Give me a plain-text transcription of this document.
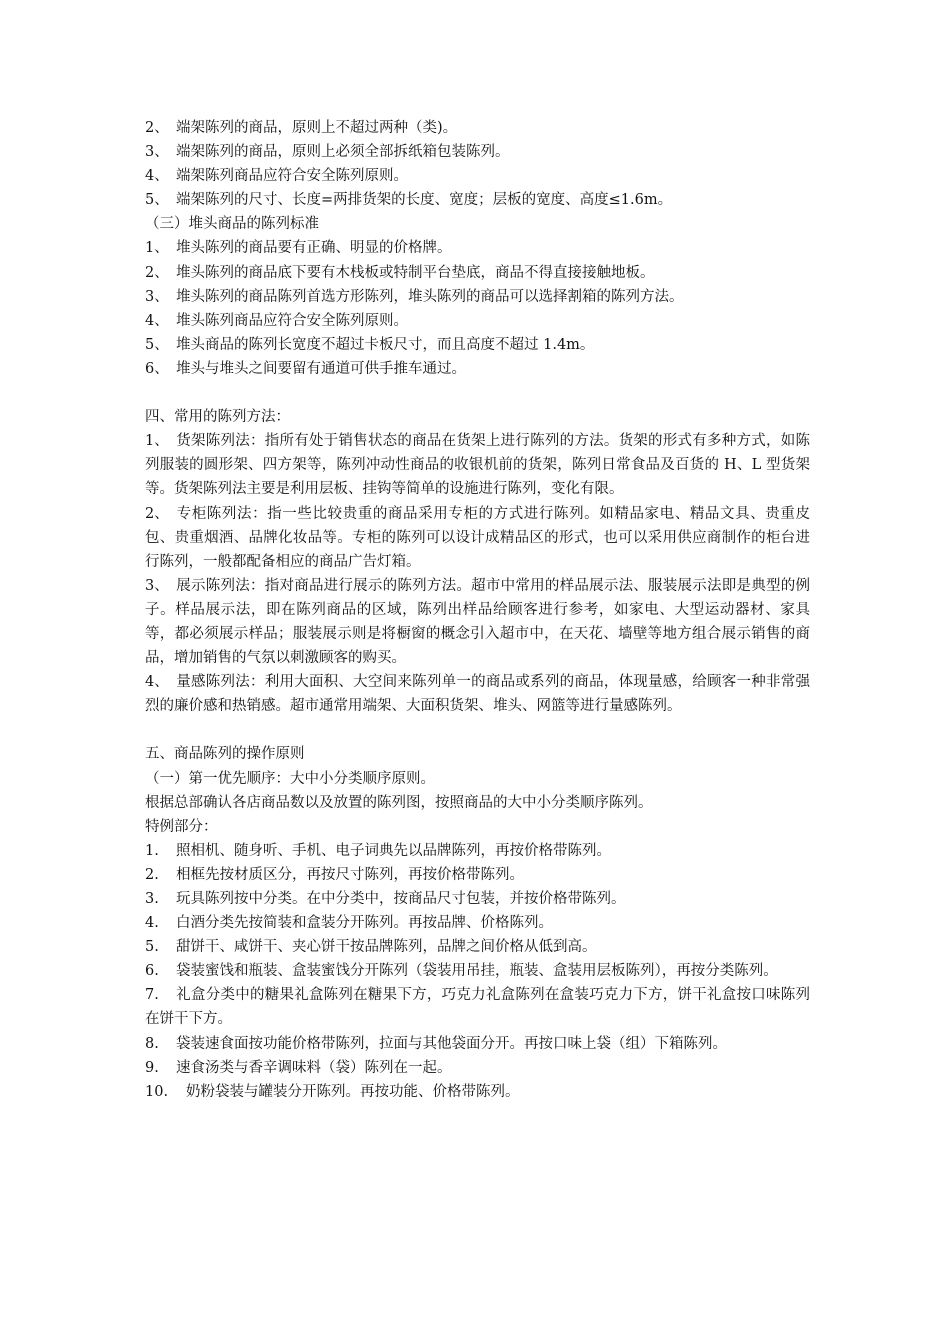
2、 端架陈列的商品，原则上不超过两种（类)。
3、 端架陈列的商品，原则上必须全部拆纸箱包装陈列。
4、 端架陈列商品应符合安全陈列原则。
5、 端架陈列的尺寸、长度=两排货架的长度、宽度；层板的宽度、高度≤1.6m。
（三）堆头商品的陈列标准
1、 堆头陈列的商品要有正确、明显的价格牌。
2、 堆头陈列的商品底下要有木栈板或特制平台垫底，商品不得直接接触地板。
3、 堆头陈列的商品陈列首选方形陈列，堆头陈列的商品可以选择割箱的陈列方法。
4、 堆头陈列商品应符合安全陈列原则。
5、 堆头商品的陈列长宽度不超过卡板尺寸，而且高度不超过 1.4m。
6、 堆头与堆头之间要留有通道可供手推车通过。
四、常用的陈列方法：
1、 货架陈列法：指所有处于销售状态的商品在货架上进行陈列的方法。货架的形式有多种方式，如陈列服装的圆形架、四方架等，陈列冲动性商品的收银机前的货架，陈列日常食品及百货的 H、L 型货架等。货架陈列法主要是利用层板、挂钩等简单的设施进行陈列，变化有限。
2、 专柜陈列法：指一些比较贵重的商品采用专柜的方式进行陈列。如精品家电、精品文具、贵重皮包、贵重烟酒、品牌化妆品等。专柜的陈列可以设计成精品区的形式，也可以采用供应商制作的柜台进行陈列，一般都配备相应的商品广告灯箱。
3、 展示陈列法：指对商品进行展示的陈列方法。超市中常用的样品展示法、服装展示法即是典型的例子。样品展示法，即在陈列商品的区域，陈列出样品给顾客进行参考，如家电、大型运动器材、家具等，都必须展示样品；服装展示则是将橱窗的概念引入超市中，在天花、墙壁等地方组合展示销售的商品，增加销售的气氛以刺激顾客的购买。
4、 量感陈列法：利用大面积、大空间来陈列单一的商品或系列的商品，体现量感，给顾客一种非常强烈的廉价感和热销感。超市通常用端架、大面积货架、堆头、网篮等进行量感陈列。
五、商品陈列的操作原则
（一）第一优先顺序：大中小分类顺序原则。
根据总部确认各店商品数以及放置的陈列图，按照商品的大中小分类顺序陈列。
特例部分：
1. 照相机、随身听、手机、电子词典先以品牌陈列，再按价格带陈列。
2. 相框先按材质区分，再按尺寸陈列，再按价格带陈列。
3. 玩具陈列按中分类。在中分类中，按商品尺寸包装，并按价格带陈列。
4. 白酒分类先按简装和盒装分开陈列。再按品牌、价格陈列。
5. 甜饼干、咸饼干、夹心饼干按品牌陈列，品牌之间价格从低到高。
6. 袋装蜜饯和瓶装、盒装蜜饯分开陈列（袋装用吊挂，瓶装、盒装用层板陈列），再按分类陈列。
7. 礼盒分类中的糖果礼盒陈列在糖果下方，巧克力礼盒陈列在盒装巧克力下方，饼干礼盒按口味陈列在饼干下方。
8. 袋装速食面按功能价格带陈列，拉面与其他袋面分开。再按口味上袋（组）下箱陈列。
9. 速食汤类与香辛调味料（袋）陈列在一起。
10. 奶粉袋装与罐装分开陈列。再按功能、价格带陈列。
